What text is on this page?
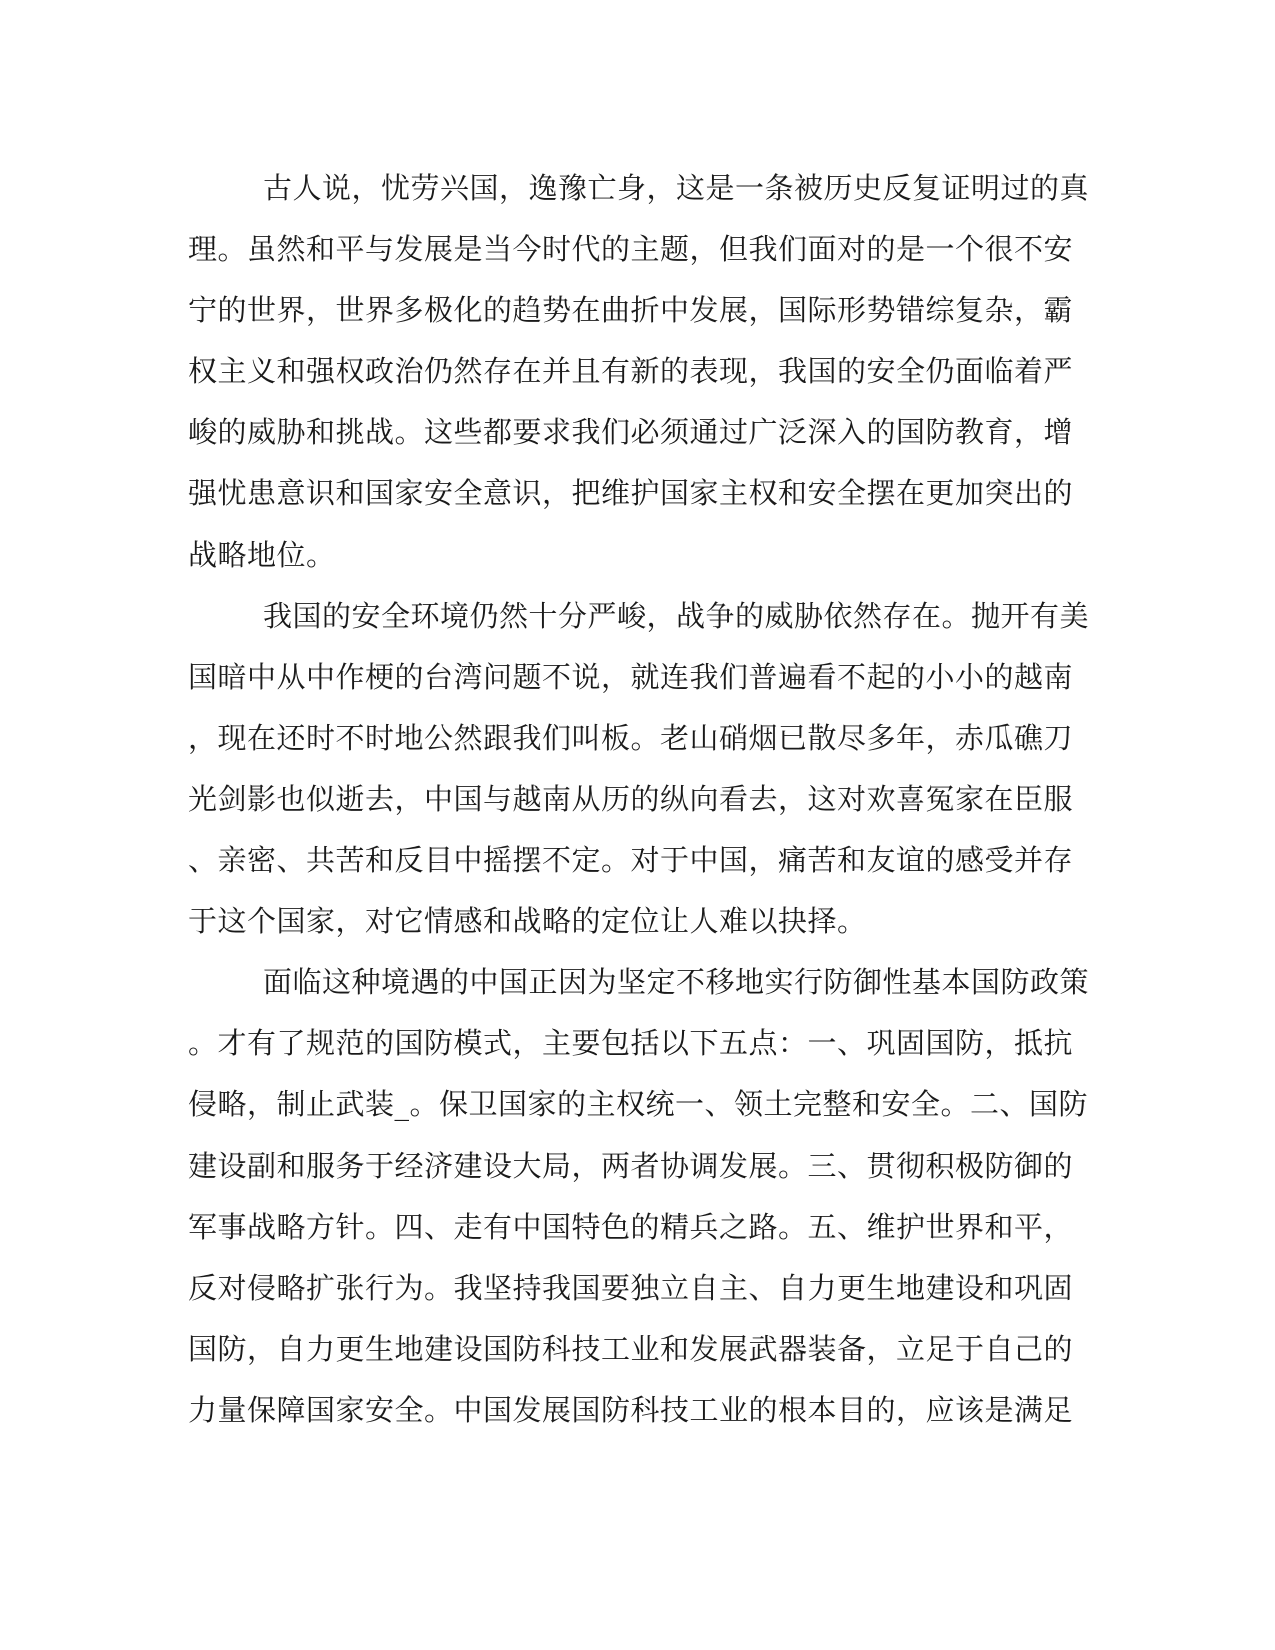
古人说，忧劳兴国，逸豫亡身，这是一条被历史反复证明过的真
理。虽然和平与发展是当今时代的主题，但我们面对的是一个很不安
宁的世界，世界多极化的趋势在曲折中发展，国际形势错综复杂，霸
权主义和强权政治仍然存在并且有新的表现，我国的安全仍面临着严
峻的威胁和挑战。这些都要求我们必须通过广泛深入的国防教育，增
强忧患意识和国家安全意识，把维护国家主权和安全摆在更加突出的
战略地位。
我国的安全环境仍然十分严峻，战争的威胁依然存在。抛开有美
国暗中从中作梗的台湾问题不说，就连我们普遍看不起的小小的越南
，现在还时不时地公然跟我们叫板。老山硝烟已散尽多年，赤瓜礁刀
光剑影也似逝去，中国与越南从历的纵向看去，这对欢喜冤家在臣服
、亲密、共苦和反目中摇摆不定。对于中国，痛苦和友谊的感受并存
于这个国家，对它情感和战略的定位让人难以抉择。
面临这种境遇的中国正因为坚定不移地实行防御性基本国防政策
。才有了规范的国防模式，主要包括以下五点：一、巩固国防，抵抗
侵略，制止武装_。保卫国家的主权统一、领土完整和安全。二、国防
建设副和服务于经济建设大局，两者协调发展。三、贯彻积极防御的
军事战略方针。四、走有中国特色的精兵之路。五、维护世界和平，
反对侵略扩张行为。我坚持我国要独立自主、自力更生地建设和巩固
国防，自力更生地建设国防科技工业和发展武器装备，立足于自己的
力量保障国家安全。中国发展国防科技工业的根本目的，应该是满足
